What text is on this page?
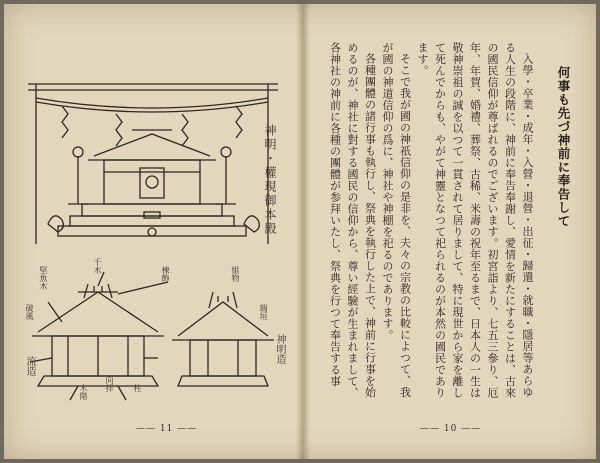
神明・權現御本殿
堅魚木	千木	棟飾	組物
破風	瑞垣
流造
神明造
向拝
木階	柱
—— 11 ——
何事も先づ神前に奉告して

入學・卒業・成年・入營・退營・出征・歸還・就職・隱居等あらゆる人生の段階に、神前に奉告奉謝し、愛情を新たにすることは、古來の國民信仰が尊ばれるのでございます。初宮詣より、七五三參り、厄年、年賀、婚禮、葬祭、古稀、米壽の祝年至るまで、日本人の一生は敬神崇祖の誠を以つて一貫されて居りまして、特に現世から家を離して死んでからも、やがて神靈となつて祀られるのが本然の國民であります。

そこで我が國の神祇信仰の是非を、夫々の宗教の比較によつて、我が國の神道信仰の爲に、神社や神棚を祀るのであります。

各種團體の諸行事も執行し、祭典を執行した上で、神前に行事を始めるのが、神社に對する國民の信仰から、尊い經驗が生まれまして、各神社の神前に各種の團體が参拜いたし、祭典を行つて奉告する事

—— 10 ——
